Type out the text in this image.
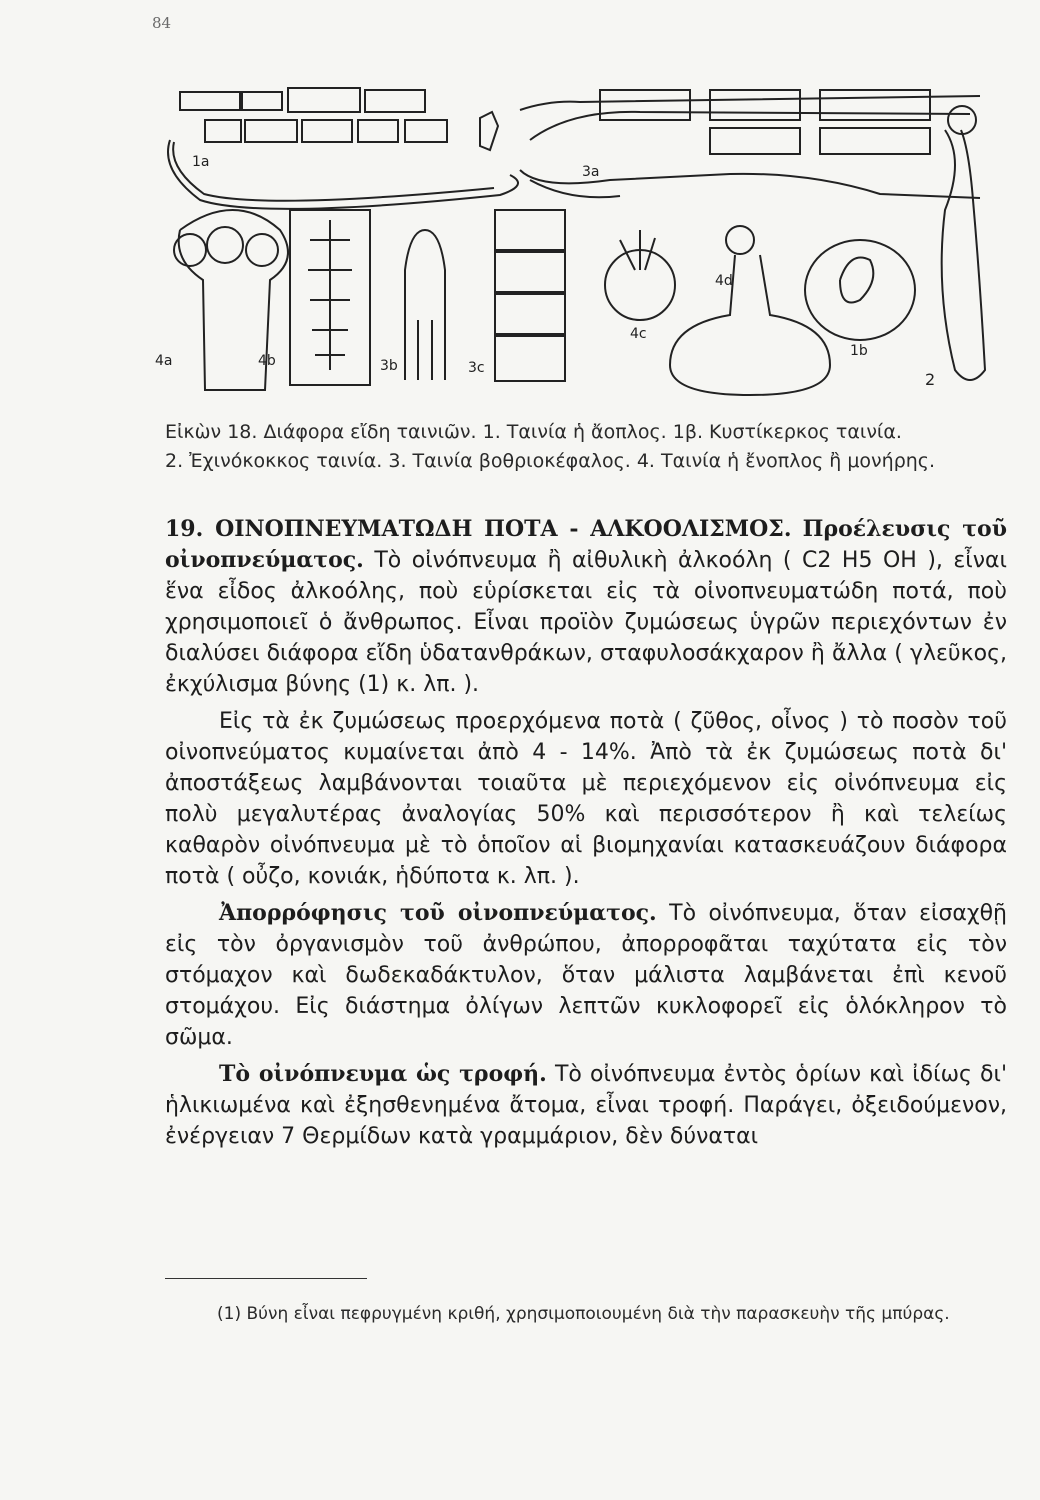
84
1a
3a
4a	4b	3b	3c
4c
4d
1b
2

Εἰκὼν 18. Διάφορα εἴδη ταινιῶν. 1. Ταινία ἡ ἄοπλος. 1β. Κυστίκερκος ταινία.

2. Ἐχινόκοκκος ταινία. 3. Ταινία βοθριοκέφαλος. 4. Ταινία ἡ ἔνοπλος ἢ μονήρης.

19. ΟΙΝΟΠΝΕΥΜΑΤΩΔΗ ΠΟΤΑ - ΑΛΚΟΟΛΙΣΜΟΣ. Προέλευσις τοῦ οἰνοπνεύματος. Τὸ οἰνόπνευμα ἢ αἰθυλικὴ ἀλκοόλη ( C2 H5 OH ), εἶναι ἕνα εἶδος ἀλκοόλης, ποὺ εὑρίσκεται εἰς τὰ οἰνοπνευματώδη ποτά, ποὺ χρησιμοποιεῖ ὁ ἄνθρωπος. Εἶναι προϊὸν ζυμώσεως ὑγρῶν περιεχόντων ἐν διαλύσει διάφορα εἴδη ὑδατανθράκων, σταφυλοσάκχαρον ἢ ἄλλα ( γλεῦκος, ἐκχύλισμα βύνης (1) κ. λπ. ).

Εἰς τὰ ἐκ ζυμώσεως προερχόμενα ποτὰ ( ζῦθος, οἶνος ) τὸ ποσὸν τοῦ οἰνοπνεύματος κυμαίνεται ἀπὸ 4 - 14%. Ἀπὸ τὰ ἐκ ζυμώσεως ποτὰ δι' ἀποστάξεως λαμβάνονται τοιαῦτα μὲ περιεχόμενον εἰς οἰνόπνευμα εἰς πολὺ μεγαλυτέρας ἀναλογίας 50% καὶ περισσότερον ἢ καὶ τελείως καθαρὸν οἰνόπνευμα μὲ τὸ ὁποῖον αἱ βιομηχανίαι κατασκευάζουν διάφορα ποτὰ ( οὖζο, κονιάκ, ἡδύποτα κ. λπ. ).

Ἀπορρόφησις τοῦ οἰνοπνεύματος. Τὸ οἰνόπνευμα, ὅταν εἰσαχθῇ εἰς τὸν ὀργανισμὸν τοῦ ἀνθρώπου, ἀπορροφᾶται ταχύτατα εἰς τὸν στόμαχον καὶ δωδεκαδάκτυλον, ὅταν μάλιστα λαμβάνεται ἐπὶ κενοῦ στομάχου. Εἰς διάστημα ὀλίγων λεπτῶν κυκλοφορεῖ εἰς ὁλόκληρον τὸ σῶμα.

Τὸ οἰνόπνευμα ὡς τροφή. Τὸ οἰνόπνευμα ἐντὸς ὁρίων καὶ ἰδίως δι' ἡλικιωμένα καὶ ἐξησθενημένα ἄτομα, εἶναι τροφή. Παράγει, ὀξειδούμενον, ἐνέργειαν 7 Θερμίδων κατὰ γραμμάριον, δὲν δύναται

(1) Βύνη εἶναι πεφρυγμένη κριθή, χρησιμοποιουμένη διὰ τὴν παρασκευὴν τῆς μπύρας.
